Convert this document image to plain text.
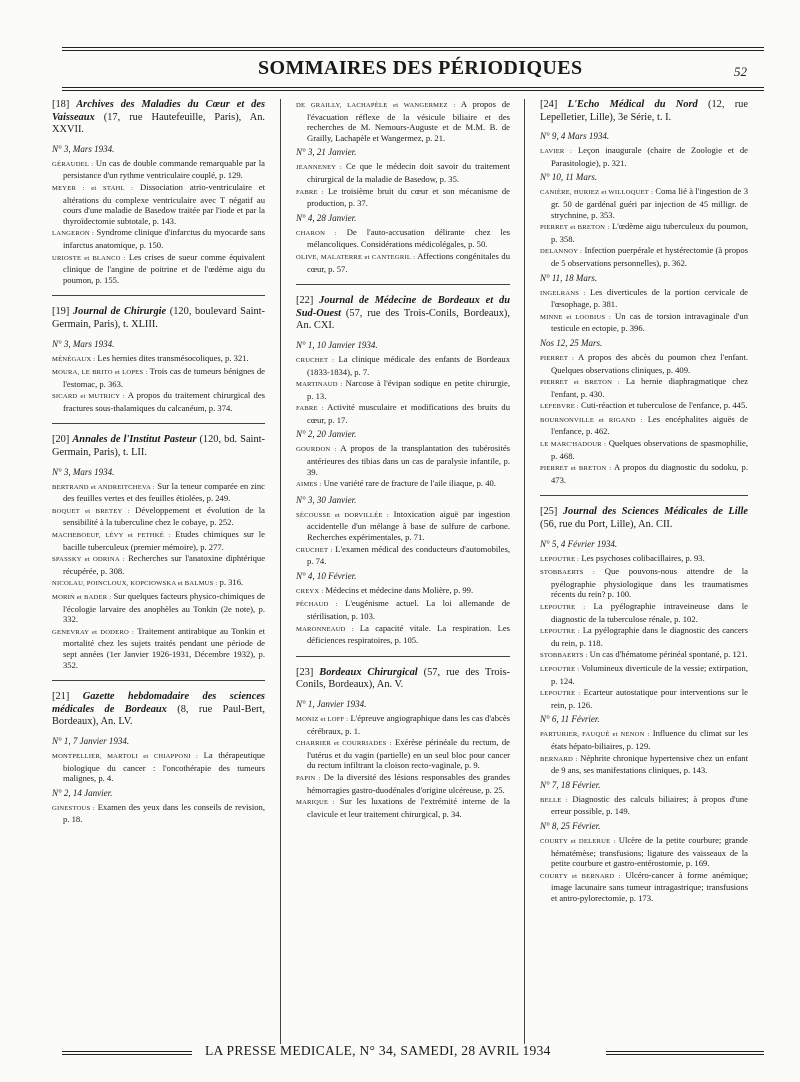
SOMMAIRES DES PÉRIODIQUES	52
[18] Archives des Maladies du Cœur et des Vaisseaux (17, rue Hautefeuille, Paris), An. XXVII.
N° 3, Mars 1934.
GÉRAUDEL : Un cas de double commande remarquable par la persistance d'un rythme ventriculaire couplé, p. 129.
MEYER : et STAHL : Dissociation atrio-ventriculaire et altérations du complexe ventriculaire avec T négatif au cours d'une maladie de Basedow traitée par l'iode et par la thyroïdectomie subtotale, p. 143.
LANGERON : Syndrome clinique d'infarctus du myocarde sans infarctus anatomique, p. 150.
URIOSTE et BLANCO : Les crises de sueur comme équivalent clinique de l'angine de poitrine et de l'œdème aigu du poumon, p. 155.
[19] Journal de Chirurgie (120, boulevard Saint-Germain, Paris), t. XLIII.
N° 3, Mars 1934.
MÉNÉGAUX : Les hernies dites transmésocoliques, p. 321.
MOURA, LE BRITO et LOPES : Trois cas de tumeurs bénignes de l'estomac, p. 363.
SICARD et MUTRICY : A propos du traitement chirurgical des fractures sous-thalamiques du calcanéum, p. 374.
[20] Annales de l'Institut Pasteur (120, bd. Saint-Germain, Paris), t. LII.
N° 3, Mars 1934.
BERTRAND et ANDREITCHEVA : Sur la teneur comparée en zinc des feuilles vertes et des feuilles étiolées, p. 249.
BOQUET et BRETEY : Développement et évolution de la sensibilité à la tuberculine chez le cobaye, p. 252.
MACHEBOEUF, LÉVY et FETHKÉ : Etudes chimiques sur le bacille tuberculeux (premier mémoire), p. 277.
SPASSKY et ODRINA : Recherches sur l'anatoxine diphtérique récupérée, p. 308.
NICOLAU, POINCLOUX, KOPCIOWSKA et BALMUS : p. 316.
MORIN et BADER : Sur quelques facteurs physico-chimiques de l'écologie larvaire des anophèles au Tonkin (2e note), p. 332.
GENEVRAY et DODERO : Traitement antirabique au Tonkin et mortalité chez les sujets traités pendant une période de sept années (1er Janvier 1926-1931, Décembre 1932), p. 352.
[21] Gazette hebdomadaire des sciences médicales de Bordeaux (8, rue Paul-Bert, Bordeaux), An. LV.
N° 1, 7 Janvier 1934.
MONTPELLIER, MARTOLI et CHIAPPONI : La thérapeutique biologique du cancer : l'oncothérapie des tumeurs malignes, p. 4.
N° 2, 14 Janvier.
GINESTOUS : Examen des yeux dans les conseils de revision, p. 18.
DE GRAILLY, LACHAPÈLE et WANGERMEZ : A propos de l'évacuation réflexe de la vésicule biliaire et des recherches de M. Nemours-Auguste et de M.M. B. de Grailly, Lachapèle et Wangermez, p. 21.
N° 3, 21 Janvier.
JEANNENEY : Ce que le médecin doit savoir du traitement chirurgical de la maladie de Basedow, p. 35.
FABRE : Le troisième bruit du cœur et son mécanisme de production, p. 37.
N° 4, 28 Janvier.
CHARON : De l'auto-accusation délirante chez les mélancoliques. Considérations médicolégales, p. 50.
OLIVE, MALATERRE et CANTEGRIL : Affections congénitales du cœur, p. 57.
[22] Journal de Médecine de Bordeaux et du Sud-Ouest (57, rue des Trois-Conils, Bordeaux), An. CXI.
N° 1, 10 Janvier 1934.
CRUCHET : La clinique médicale des enfants de Bordeaux (1833-1834), p. 7.
MARTINAUD : Narcose à l'évipan sodique en petite chirurgie, p. 13.
FABRE : Activité musculaire et modifications des bruits du cœur, p. 17.
N° 2, 20 Janvier.
GOURDON : A propos de la transplantation des tubérosités antérieures des tibias dans un cas de paralysie infantile, p. 39.
AIMES : Une variété rare de fracture de l'aile iliaque, p. 40.
N° 3, 30 Janvier.
SÉCOUSSE et DORVILLÉE : Intoxication aiguë par ingestion accidentelle d'un mélange à base de sulfure de carbone. Recherches expérimentales, p. 71.
CRUCHET : L'examen médical des conducteurs d'automobiles, p. 74.
N° 4, 10 Février.
CREYX : Médecins et médecine dans Molière, p. 99.
PÉCHAUD : L'eugénisme actuel. La loi allemande de stérilisation, p. 103.
MARONNEAUD : La capacité vitale. La respiration. Les déficiences respiratoires, p. 105.
[23] Bordeaux Chirurgical (57, rue des Trois-Conils, Bordeaux), An. V.
N° 1, Janvier 1934.
MONIZ et LOFF : L'épreuve angiographique dans les cas d'abcès cérébraux, p. 1.
CHARRIER et COURRIADES : Exérèse périnéale du rectum, de l'utérus et du vagin (partielle) en un seul bloc pour cancer du rectum infiltrant la cloison recto-vaginale, p. 9.
PAPIN : De la diversité des lésions responsables des grandes hémorragies gastro-duodénales d'origine ulcéreuse, p. 25.
MARIQUE : Sur les luxations de l'extrémité interne de la clavicule et leur traitement chirurgical, p. 34.
[24] L'Echo Médical du Nord (12, rue Lepelletier, Lille), 3e Série, t. I.
N° 9, 4 Mars 1934.
LAVIER : Leçon inaugurale (chaire de Zoologie et de Parasitologie), p. 321.
N° 10, 11 Mars.
CANIÈRE, HURIEZ et WILLOQUET : Coma lié à l'ingestion de 3 gr. 50 de gardénal guéri par injection de 45 milligr. de strychnine, p. 353.
PIERRET et BRETON : L'œdème aigu tuberculeux du poumon, p. 358.
DELANNOY : Infection puerpérale et hystérectomie (à propos de 5 observations personnelles), p. 362.
N° 11, 18 Mars.
INGELRANS : Les diverticules de la portion cervicale de l'œsophage, p. 381.
MINNE et LOOBIUS : Un cas de torsion intravaginale d'un testicule en ectopie, p. 396.
Nos 12, 25 Mars.
PIERRET : A propos des abcès du poumon chez l'enfant. Quelques observations cliniques, p. 409.
PIERRET et BRETON : La hernie diaphragmatique chez l'enfant, p. 430.
LEFEBVRE : Cuti-réaction et tuberculose de l'enfance, p. 445.
BOURNONVILLE et RIGAND : Les encéphalites aiguës de l'enfance, p. 462.
LE MARC'HADOUR : Quelques observations de spasmophilie, p. 468.
PIERRET et BRETON : A propos du diagnostic du sodoku, p. 473.
[25] Journal des Sciences Médicales de Lille (56, rue du Port, Lille), An. CII.
N° 5, 4 Février 1934.
LEPOUTRE : Les psychoses colibacillaires, p. 93.
STOBBAERTS : Que pouvons-nous attendre de la pyélographie physiologique dans les traumatismes récents du rein? p. 100.
LEPOUTRE : La pyélographie intraveineuse dans le diagnostic de la tuberculose rénale, p. 102.
LEPOUTRE : La pyélographie dans le diagnostic des cancers du rein, p. 118.
STOBBAERTS : Un cas d'hématome périnéal spontané, p. 121.
LEPOUTRE : Volumineux diverticule de la vessie; extirpation, p. 124.
LEPOUTRE : Ecarteur autostatique pour interventions sur le rein, p. 126.
N° 6, 11 Février.
PARTURIER, FAUQUÉ et NENON : Influence du climat sur les états hépato-biliaires, p. 129.
BERNARD : Néphrite chronique hypertensive chez un enfant de 9 ans, ses manifestations cliniques, p. 143.
N° 7, 18 Février.
BELLE : Diagnostic des calculs biliaires; à propos d'une erreur possible, p. 149.
N° 8, 25 Février.
COURTY et DELERUE : Ulcère de la petite courbure; grande hématémèse; transfusions; ligature des vaisseaux de la petite courbure et gastro-entérostomie, p. 169.
COURTY et BERNARD : Ulcéro-cancer à forme anémique; image lacunaire sans tumeur intragastrique; transfusions et antro-pylorectomie, p. 173.
LA PRESSE MEDICALE, N° 34, SAMEDI, 28 AVRIL 1934
